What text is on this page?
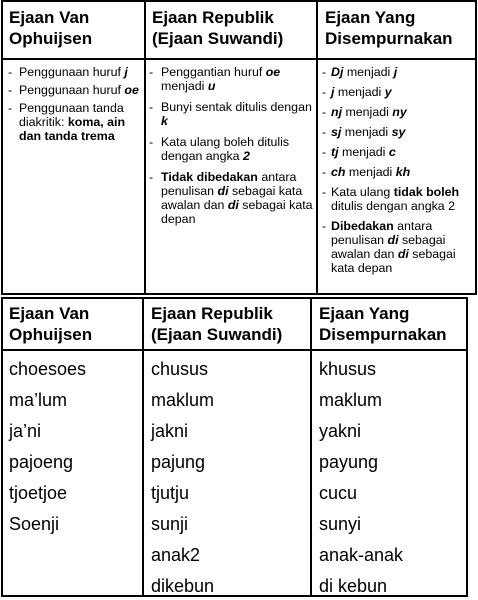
Ejaan Van Ophuijsen
Ejaan Republik (Ejaan Suwandi)
Ejaan Yang Disempurnakan
- Penggunaan huruf j
- Penggunaan huruf oe
- Penggunaan tanda diakritik: koma, ain dan tanda trema
- Penggantian huruf oe menjadi u
- Bunyi sentak ditulis dengan k
- Kata ulang boleh ditulis dengan angka 2
- Tidak dibedakan antara penulisan di sebagai kata awalan dan di sebagai kata depan
- Dj menjadi j
- j menjadi y
- nj menjadi ny
- sj menjadi sy
- tj menjadi c
- ch menjadi kh
- Kata ulang tidak boleh ditulis dengan angka 2
- Dibedakan antara penulisan di sebagai awalan dan di sebagai kata depan
Ejaan Van Ophuijsen
Ejaan Republik (Ejaan Suwandi)
Ejaan Yang Disempurnakan
choesoes
ma’lum
ja’ni
pajoeng
tjoetjoe
Soenji
chusus
maklum
jakni
pajung
tjutju
sunji
anak2
dikebun
khusus
maklum
yakni
payung
cucu
sunyi
anak-anak
di kebun
